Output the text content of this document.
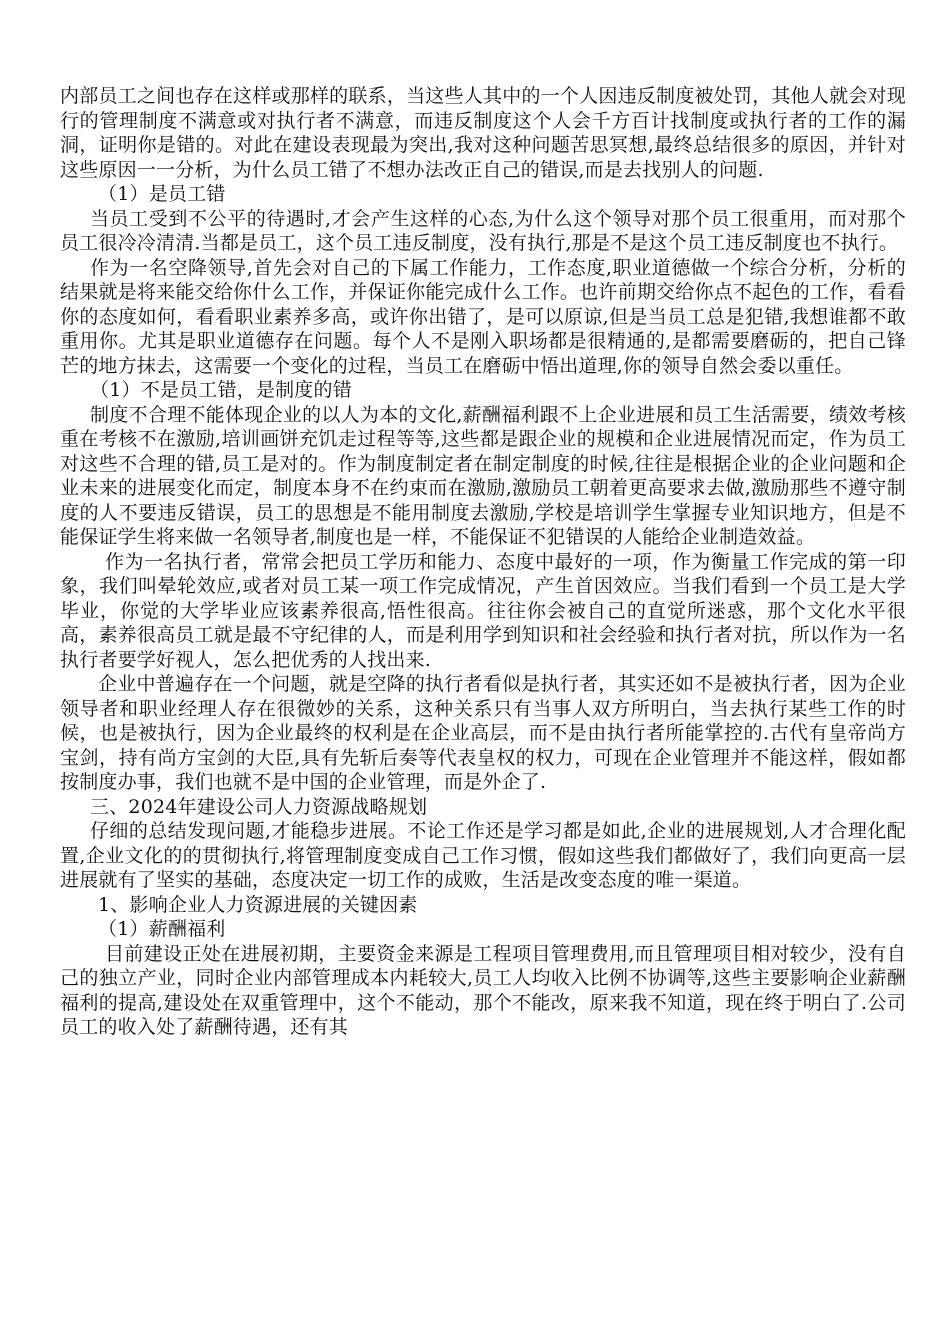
内部员工之间也存在这样或那样的联系，当这些人其中的一个人因违反制度被处罚，其他人就会对现行的管理制度不满意或对执行者不满意，而违反制度这个人会千方百计找制度或执行者的工作的漏洞，证明你是错的。对此在建设表现最为突出,我对这种问题苦思冥想,最终总结很多的原因，并针对这些原因一一分析，为什么员工错了不想办法改正自己的错误,而是去找别人的问题.

（1）是员工错

当员工受到不公平的待遇时,才会产生这样的心态,为什么这个领导对那个员工很重用，而对那个员工很冷冷清清.当都是员工，这个员工违反制度，没有执行,那是不是这个员工违反制度也不执行。

作为一名空降领导,首先会对自己的下属工作能力，工作态度,职业道德做一个综合分析，分析的结果就是将来能交给你什么工作，并保证你能完成什么工作。也许前期交给你点不起色的工作，看看你的态度如何，看看职业素养多高，或许你出错了，是可以原谅,但是当员工总是犯错,我想谁都不敢重用你。尤其是职业道德存在问题。每个人不是刚入职场都是很精通的,是都需要磨砺的，把自己锋芒的地方抹去，这需要一个变化的过程，当员工在磨砺中悟出道理,你的领导自然会委以重任。

（1）不是员工错，是制度的错

制度不合理不能体现企业的以人为本的文化,薪酬福利跟不上企业进展和员工生活需要，绩效考核重在考核不在激励,培训画饼充饥走过程等等,这些都是跟企业的规模和企业进展情况而定，作为员工对这些不合理的错,员工是对的。作为制度制定者在制定制度的时候,往往是根据企业的企业问题和企业未来的进展变化而定，制度本身不在约束而在激励,激励员工朝着更高要求去做,激励那些不遵守制度的人不要违反错误，员工的思想是不能用制度去激励,学校是培训学生掌握专业知识地方，但是不能保证学生将来做一名领导者,制度也是一样，不能保证不犯错误的人能给企业制造效益。

作为一名执行者，常常会把员工学历和能力、态度中最好的一项，作为衡量工作完成的第一印象，我们叫晕轮效应,或者对员工某一项工作完成情况，产生首因效应。当我们看到一个员工是大学毕业，你觉的大学毕业应该素养很高,悟性很高。往往你会被自己的直觉所迷惑，那个文化水平很高，素养很高员工就是最不守纪律的人，而是利用学到知识和社会经验和执行者对抗，所以作为一名执行者要学好视人，怎么把优秀的人找出来.

企业中普遍存在一个问题，就是空降的执行者看似是执行者，其实还如不是被执行者，因为企业领导者和职业经理人存在很微妙的关系，这种关系只有当事人双方所明白，当去执行某些工作的时候，也是被执行，因为企业最终的权利是在企业高层，而不是由执行者所能掌控的.古代有皇帝尚方宝剑，持有尚方宝剑的大臣,具有先斩后奏等代表皇权的权力，可现在企业管理并不能这样，假如都按制度办事，我们也就不是中国的企业管理，而是外企了.

三、2024年建设公司人力资源战略规划

仔细的总结发现问题,才能稳步进展。不论工作还是学习都是如此,企业的进展规划,人才合理化配置,企业文化的的贯彻执行,将管理制度变成自己工作习惯，假如这些我们都做好了，我们向更高一层进展就有了坚实的基础，态度决定一切工作的成败，生活是改变态度的唯一渠道。

1、影响企业人力资源进展的关键因素

（1）薪酬福利

目前建设正处在进展初期，主要资金来源是工程项目管理费用,而且管理项目相对较少，没有自己的独立产业，同时企业内部管理成本内耗较大,员工人均收入比例不协调等,这些主要影响企业薪酬福利的提高,建设处在双重管理中，这个不能动，那个不能改，原来我不知道，现在终于明白了.公司员工的收入处了薪酬待遇，还有其
